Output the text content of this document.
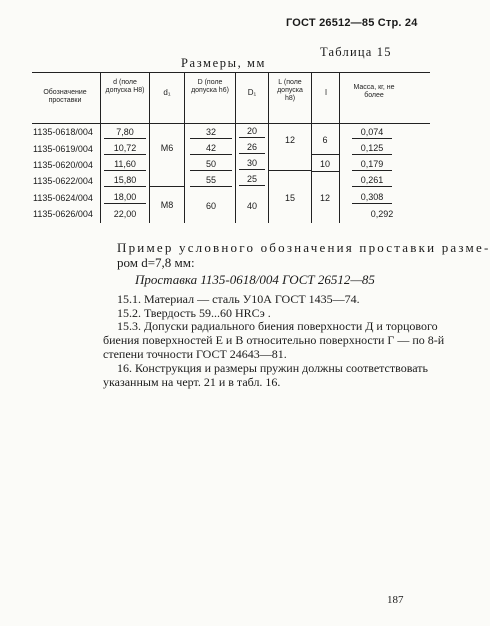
ГОСТ 26512—85 Стр. 24
Таблица 15
Размеры, мм
Обозначение проставки
d (поле допуска H8)	d₁
D (поле допуска h6)	D₁
L (поле допуска h8)
l
Масса, кг, не более
1135-0618/004
1135-0619/004
1135-0620/004
1135-0622/004
1135-0624/004
1135-0626/004
7,80
10,72
11,60
15,80
18,00
22,00
М6
М8
32
42
50
55
60
20
26
30
25
40
12
15
6
10
12
0,074
0,125
0,179
0,261
0,308
0,292
Пример условного обозначения проставки разме-
ром d=7,8 мм:
Проставка 1135-0618/004 ГОСТ 26512—85
15.1. Материал — сталь У10А ГОСТ 1435—74.
15.2. Твердость 59...60 HRCэ .
15.3. Допуски радиального биения поверхности Д и торцового
биения поверхностей Е и В относительно поверхности Г — по 8-й
степени точности ГОСТ 24643—81.
16. Конструкция и размеры пружин должны соответствовать
указанным на черт. 21 и в табл. 16.
187
